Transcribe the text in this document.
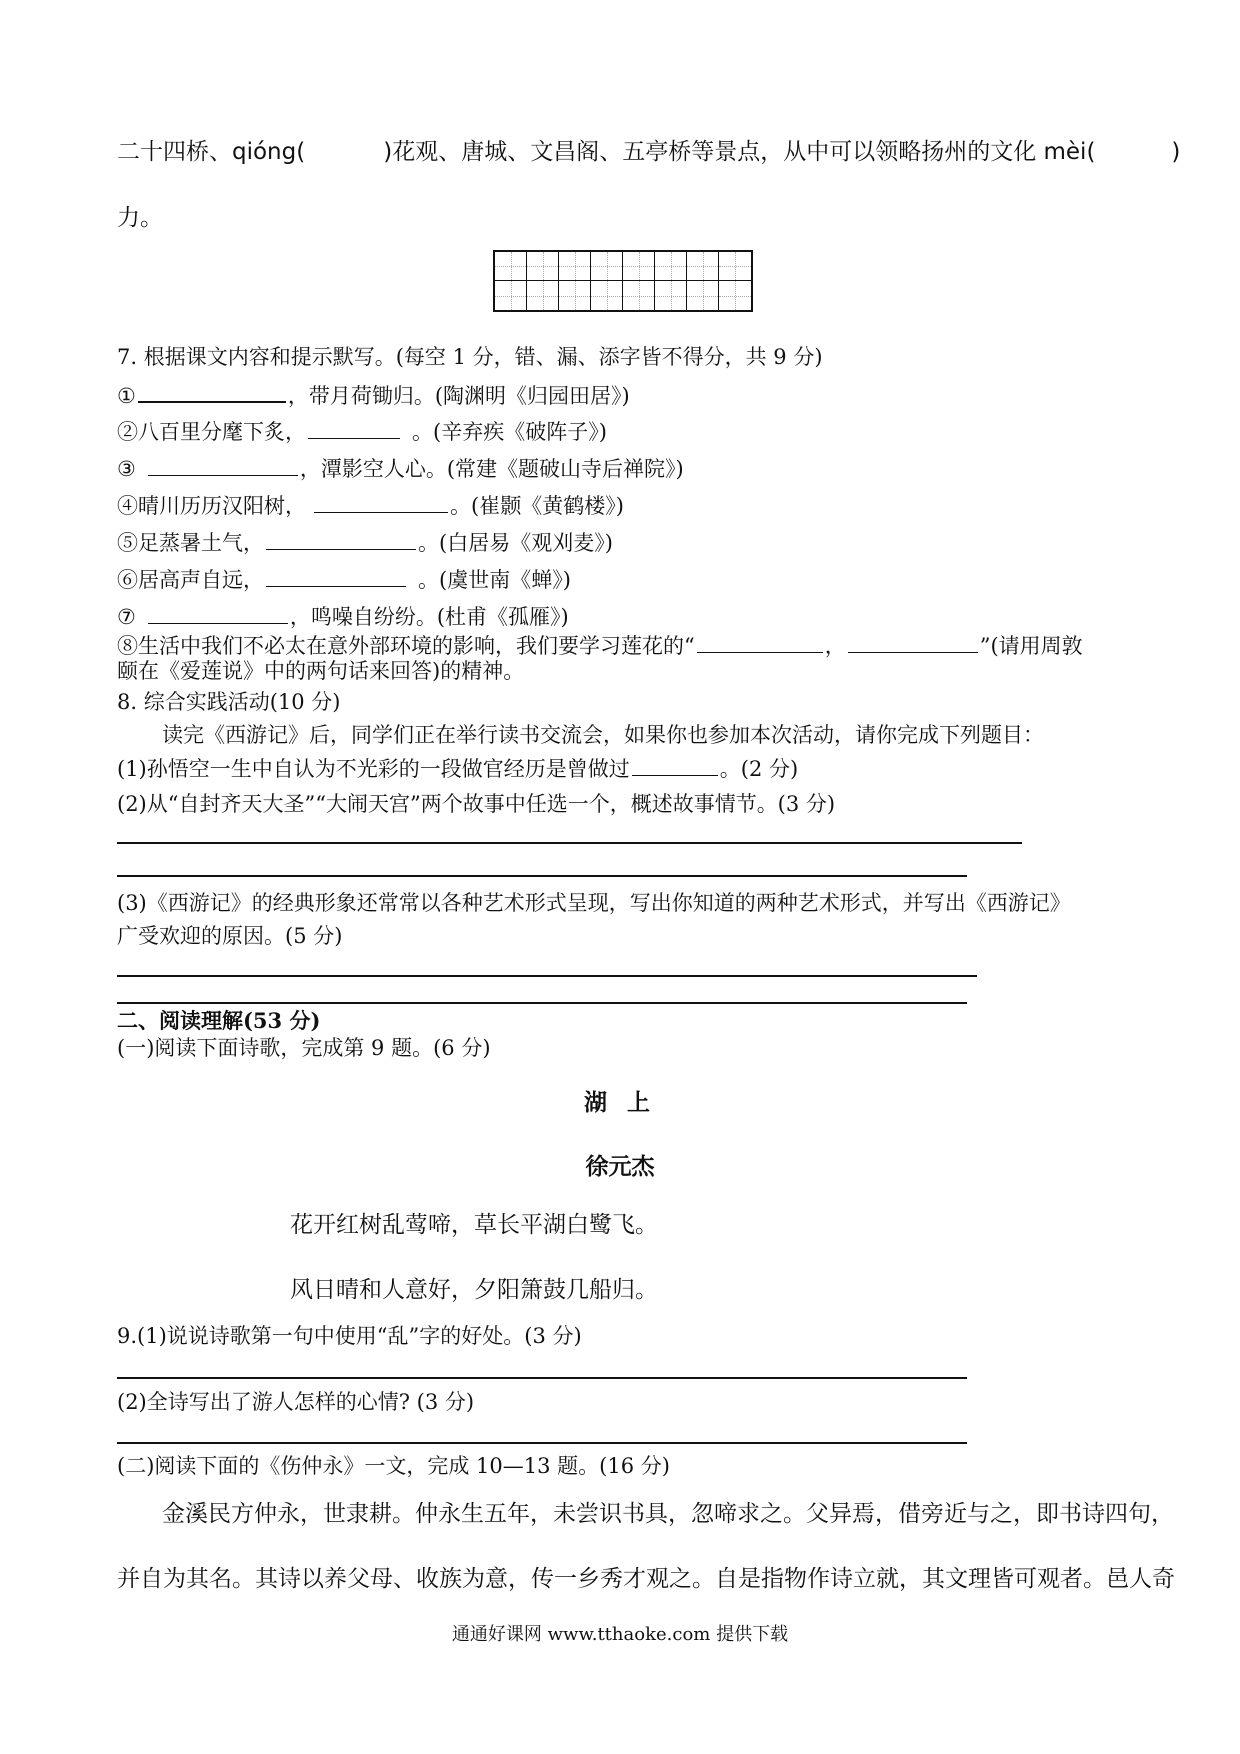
二十四桥、qióng(	)花观、唐城、文昌阁、五亭桥等景点，从中可以领略扬州的文化 mèi(	)
力。
7. 根据课文内容和提示默写。(每空 1 分，错、漏、添字皆不得分，共 9 分)
①	，带月荷锄归。(陶渊明《归园田居》)
②八百里分麾下炙，	。(辛弃疾《破阵子》)
③	，潭影空人心。(常建《题破山寺后禅院》)
④晴川历历汉阳树，	。(崔颢《黄鹤楼》)
⑤足蒸暑土气，	。(白居易《观刈麦》)
⑥居高声自远，	。(虞世南《蝉》)
⑦	，鸣噪自纷纷。(杜甫《孤雁》)
⑧生活中我们不必太在意外部环境的影响，我们要学习莲花的“	，	”(请用周敦
颐在《爱莲说》中的两句话来回答)的精神。
8. 综合实践活动(10 分)
读完《西游记》后，同学们正在举行读书交流会，如果你也参加本次活动，请你完成下列题目：
(1)孙悟空一生中自认为不光彩的一段做官经历是曾做过	。(2 分)
(2)从“自封齐天大圣”“大闹天宫”两个故事中任选一个，概述故事情节。(3 分)
(3)《西游记》的经典形象还常常以各种艺术形式呈现，写出你知道的两种艺术形式，并写出《西游记》
广受欢迎的原因。(5 分)
二、阅读理解(53 分)
(一)阅读下面诗歌，完成第 9 题。(6 分)
湖 上
徐元杰
花开红树乱莺啼，草长平湖白鹭飞。
风日晴和人意好，夕阳箫鼓几船归。
9.(1)说说诗歌第一句中使用“乱”字的好处。(3 分)
(2)全诗写出了游人怎样的心情? (3 分)
(二)阅读下面的《伤仲永》一文，完成 10—13 题。(16 分)
金溪民方仲永，世隶耕。仲永生五年，未尝识书具，忽啼求之。父异焉，借旁近与之，即书诗四句，
并自为其名。其诗以养父母、收族为意，传一乡秀才观之。自是指物作诗立就，其文理皆可观者。邑人奇
通通好课网 www.tthaoke.com 提供下载
